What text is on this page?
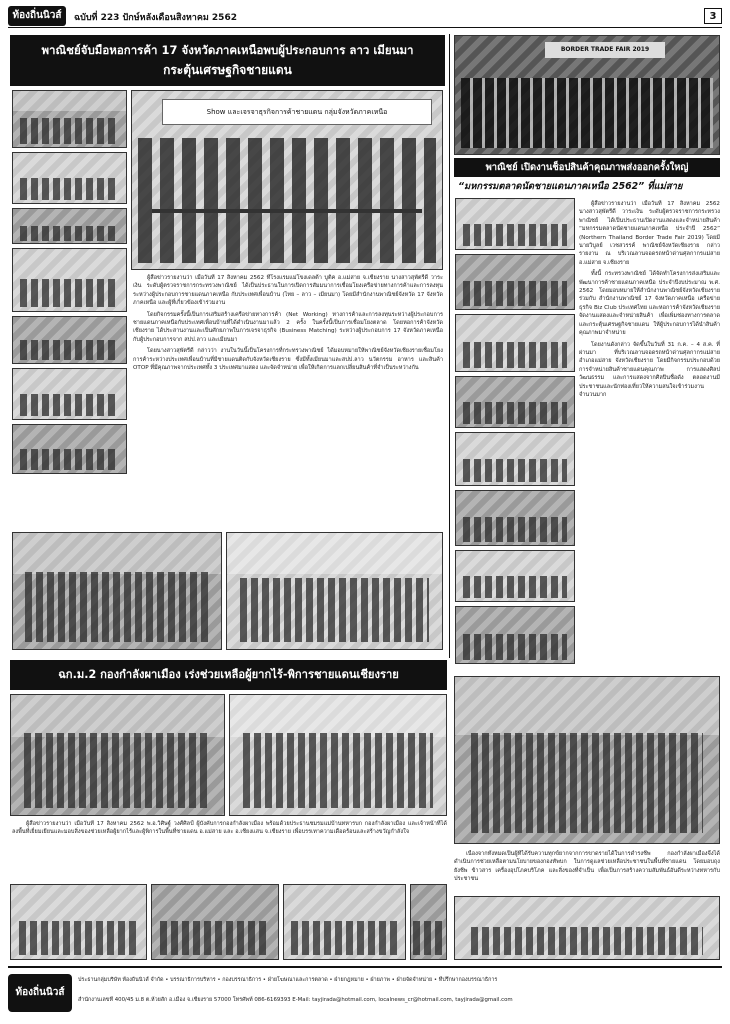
ท้องถิ่นนิวส์	ฉบับที่ 223 ปักษ์หลังเดือนสิงหาคม 2562	3
พาณิชย์จับมือหอการค้า 17 จังหวัดภาคเหนือพบผู้ประกอบการ ลาว เมียนมา
กระตุ้นเศรษฐกิจชายแดน
Show และเจรจาธุรกิจการค้าชายแดน กลุ่มจังหวัดภาคเหนือ

ผู้สื่อข่าวรายงานว่า เมื่อวันที่ 17 สิงหาคม 2562 ที่โรงแรมแม่โขงเดลต้า บูติค อ.แม่สาย จ.เชียงราย นางสาวสุพัตรีดี วาระเงิน ระดับผู้ตรวจราชการกระทรวงพาณิชย์ ได้เป็นประธานในการเปิดการสัมมนาการเชื่อมโยงเครือข่ายทางการค้าและการลงทุน ระหว่างผู้ประกอบการชายแดนภาคเหนือ กับประเทศเพื่อนบ้าน (ไทย – ลาว – เมียนมา) โดยมีสำนักงานพาณิชย์จังหวัด 17 จังหวัดภาคเหนือ และผู้ที่เกี่ยวข้องเข้าร่วมงาน

โดยกิจกรรมครั้งนี้เป็นการเสริมสร้างเครือข่ายทางการค้า (Net Working) ทางการค้าและการลงทุนระหว่างผู้ประกอบการชายแดนภาคเหนือกับประเทศเพื่อนบ้านที่ได้ดำเนินงานมาแล้ว 2 ครั้ง ในครั้งนี้เป็นการเชื่อมโยงตลาด โดยหอการค้าจังหวัดเชียงราย ได้ประสานงานและเป็นศักยภาพในการเจรจาธุรกิจ (Business Matching) ระหว่างผู้ประกอบการ 17 จังหวัดภาคเหนือ กับผู้ประกอบการจาก สปป.ลาว และเมียนมา

โดยนางสาวสุพัตรีดี กล่าวว่า งานในวันนี้เป็นโครงการที่กระทรวงพาณิชย์ ได้มอบหมายให้พาณิชย์จังหวัดเชียงรายเชื่อมโยงการค้าระหว่างประเทศเพื่อนบ้านที่มีชายแดนติดกับจังหวัดเชียงราย ซึ่งมีทั้งเมียนมาและสปป.ลาว นวัตกรรม อาหาร และสินค้า OTOP ที่มีคุณภาพจากประเทศทั้ง 3 ประเทศมาแสดง และจัดจำหน่าย เพื่อให้เกิดการแลกเปลี่ยนสินค้าที่จำเป็นระหว่างกัน

BORDER TRADE FAIR 2019
พาณิชย์ เปิดงานช็อปสินค้าคุณภาพส่งออกครั้งใหญ่
“มหกรรมตลาดนัดชายแดนภาคเหนือ 2562” ที่แม่สาย

ผู้สื่อข่าวรายงานว่า เมื่อวันที่ 17 สิงหาคม 2562 นางสาวสุพัตรีดี วาระเงิน ระดับผู้ตรวจราชการกระทรวงพาณิชย์ ได้เป็นประธานเปิดงานแสดงและจำหน่ายสินค้า “มหกรรมตลาดนัดชายแดนภาคเหนือ ประจำปี 2562” (Northern Thailand Border Trade Fair 2019) โดยมีนายวิบูลย์ เวชสวรรค์ พาณิชย์จังหวัดเชียงราย กล่าวรายงาน ณ บริเวณลานจอดรถหน้าด่านศุลกากรแม่สาย อ.แม่สาย จ.เชียงราย

ทั้งนี้ กระทรวงพาณิชย์ ได้จัดทำโครงการส่งเสริมและพัฒนาการค้าชายแดนภาคเหนือ ประจำปีงบประมาณ พ.ศ. 2562 โดยมอบหมายให้สำนักงานพาณิชย์จังหวัดเชียงราย ร่วมกับ สำนักงานพาณิชย์ 17 จังหวัดภาคเหนือ เครือข่ายธุรกิจ Biz Club ประเทศไทย และหอการค้าจังหวัดเชียงราย จัดงานแสดงและจำหน่ายสินค้า เพื่อเพิ่มช่องทางการตลาดและกระตุ้นเศรษฐกิจชายแดน ให้ผู้ประกอบการได้นำสินค้าคุณภาพมาจำหน่าย

โดยงานดังกล่าว จัดขึ้นในวันที่ 31 ก.ค. – 4 ส.ค. ที่ผ่านมา ที่บริเวณลานจอดรถหน้าด่านศุลกากรแม่สาย อำเภอแม่สาย จังหวัดเชียงราย โดยมีกิจกรรมประกอบด้วย การจำหน่ายสินค้าชายแดนคุณภาพ การแสดงศิลปวัฒนธรรม และการแสดงจากศิลปินชื่อดัง ตลอดงานมีประชาชนและนักท่องเที่ยวให้ความสนใจเข้าร่วมงานจำนวนมาก

ฉก.ม.2 กองกำลังผาเมือง เร่งช่วยเหลือผู้ยากไร้-พิการชายแดนเชียงราย

ผู้สื่อข่าวรายงานว่า เมื่อวันที่ 17 สิงหาคม 2562 พ.อ.วิศิษฐ์ วงศ์ศิลป์ ผู้บังคับการกองกำลังผาเมือง พร้อมด้วยประธานชมรมแม่บ้านทหารบก กองกำลังผาเมือง และเจ้าหน้าที่ได้ลงพื้นที่เยี่ยมเยียนและมอบสิ่งของช่วยเหลือผู้ยากไร้และผู้พิการในพื้นที่ชายแดน อ.แม่สาย และ อ.เชียงแสน จ.เชียงราย เพื่อบรรเทาความเดือดร้อนและสร้างขวัญกำลังใจ

เนื่องจากทั้งหมดเป็นผู้ที่ได้รับความทุกข์ยากจากการขาดรายได้ในการดำรงชีพ กองกำลังผาเมืองจึงได้ดำเนินการช่วยเหลือตามนโยบายของกองทัพบก ในการดูแลช่วยเหลือประชาชนในพื้นที่ชายแดน โดยมอบถุงยังชีพ ข้าวสาร เครื่องอุปโภคบริโภค และสิ่งของที่จำเป็น เพื่อเป็นการสร้างความสัมพันธ์อันดีระหว่างทหารกับประชาชน

ท้องถิ่นนิวส์
ประธานกลุ่มบริษัท ท้องถิ่นนิวส์ จำกัด • บรรณาธิการบริหาร • กองบรรณาธิการ • ฝ่ายโฆษณาและการตลาด • ฝ่ายกฎหมาย • ฝ่ายภาพ • ฝ่ายจัดจำหน่าย • ที่ปรึกษากองบรรณาธิการ
สำนักงานเลขที่ 400/45 ม.8 ต.ห้วยสัก อ.เมือง จ.เชียงราย 57000 โทรศัพท์ 086-6169393 E-Mail: tayjirada@hotmail.com, localnews_cr@hotmail.com, tayjirada@gmail.com
